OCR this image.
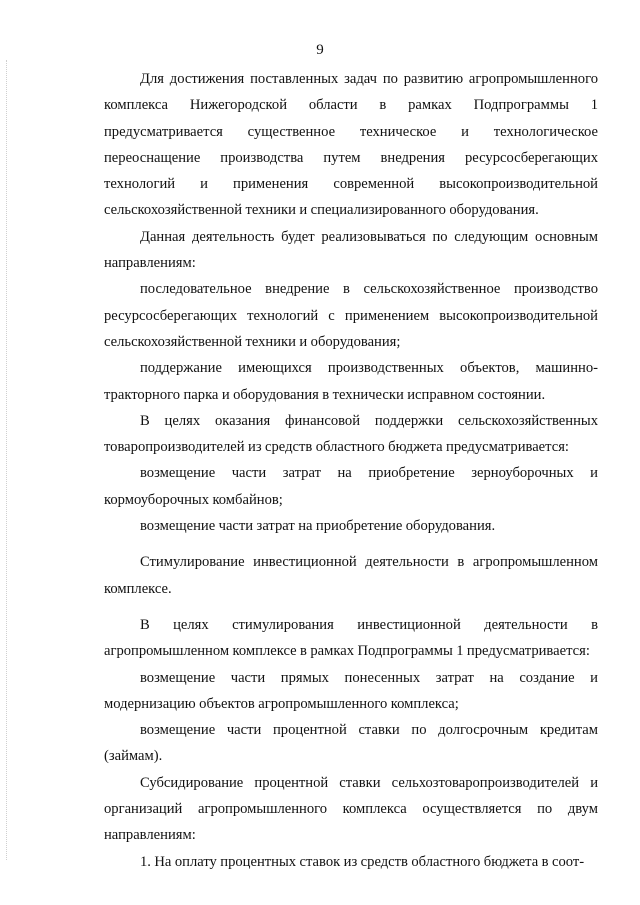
9

Для достижения поставленных задач по развитию агропромышленного комплекса Нижегородской области в рамках Подпрограммы 1 предусматривается существенное техническое и технологическое переоснащение производства путем внедрения ресурсосберегающих технологий и применения современной высокопроизводительной сельскохозяйственной техники и специализированного оборудования.

Данная деятельность будет реализовываться по следующим основным направлениям:

последовательное внедрение в сельскохозяйственное производство ресурсосберегающих технологий с применением высокопроизводительной сельскохозяйственной техники и оборудования;

поддержание имеющихся производственных объектов, машинно-тракторного парка и оборудования в технически исправном состоянии.

В целях оказания финансовой поддержки сельскохозяйственных товаропроизводителей из средств областного бюджета предусматривается:

возмещение части затрат на приобретение зерноуборочных и кормоуборочных комбайнов;

возмещение части затрат на приобретение оборудования.

Стимулирование инвестиционной деятельности в агропромышленном комплексе.

В целях стимулирования инвестиционной деятельности в агропромышленном комплексе в рамках Подпрограммы 1 предусматривается:

возмещение части прямых понесенных затрат на создание и модернизацию объектов агропромышленного комплекса;

возмещение части процентной ставки по долгосрочным кредитам (займам).

Субсидирование процентной ставки сельхозтоваропроизводителей и организаций агропромышленного комплекса осуществляется по двум направлениям:

1. На оплату процентных ставок из средств областного бюджета в сoот-
